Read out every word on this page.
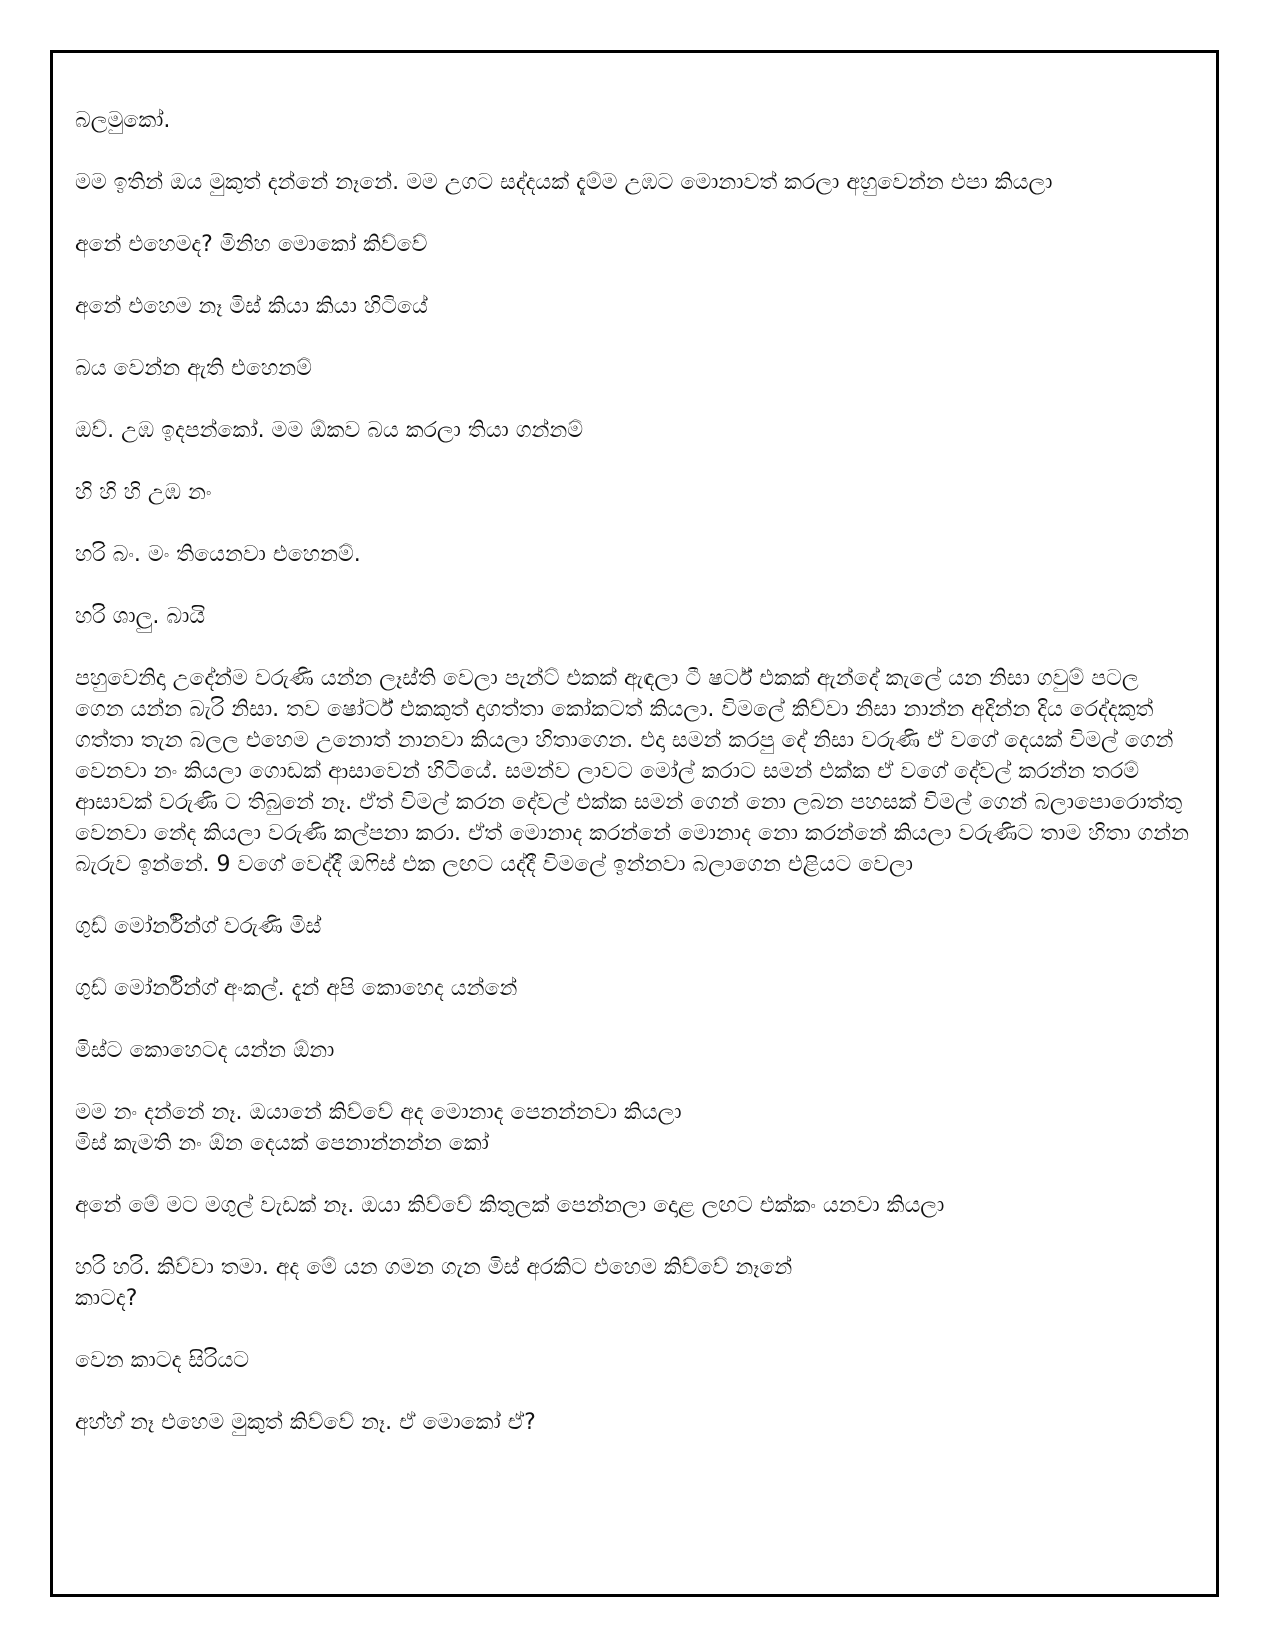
බලමුකෝ.

මම ඉතින් ඔය මුකුත් දන්නේ නෑනේ. මම උගට සද්දයක් දැම්ම උඹට මොනාවත් කරලා අහුවෙන්න එපා කියලා

අනේ එහෙමද? මිනිහ මොකෝ කිව්වේ

අනේ එහෙම නෑ මිස් කියා කියා හිටියේ

බය වෙන්න ඇති එහෙනම්

ඔව්. උඹ ඉදපන්කෝ. මම ඕකව බය කරලා තියා ගන්නම්

හි හි හි උඹ නං

හරි බං. මං තියෙනවා එහෙනම්.

හරි ශාලු. බායි

පහුවෙනිදා උදේන්ම වරුණි යන්න ලෑස්ති වෙලා පැන්ට් එකක් ඇඳලා ටී ෂර්ට් එකක් ඇන්දේ කැලේ යන නිසා ගවුම් පටල ගෙන යන්න බැරි නිසා. තව ෂෝර්ට් එකකුත් දාගත්තා කෝකටත් කියලා. විමලේ කිව්වා නිසා නාන්න අදින්න දිය රෙද්දකුත් ගත්තා තැන බලල එහෙම උනොත් නානවා කියලා හිතාගෙන. එදා සමන් කරපු දේ නිසා වරුණි ඒ වගේ දෙයක් විමල් ගෙන් වෙනවා නං කියලා ගොඩක් ආසාවෙන් හිටියේ. සමන්ව ලාවට මෝල් කරාට සමන් එක්ක ඒ වගේ දේවල් කරන්න තරම් ආසාවක් වරුණි ට තිබුනේ නෑ. ඒත් විමල් කරන දේවල් එක්ක සමන් ගෙන් නො ලබන පහසක් විමල් ගෙන් බලාපොරොත්තු වෙනවා නේද කියලා වරුණි කල්පනා කරා. ඒත් මොනාද කරන්නේ මොනාද නො කරන්නේ කියලා වරුණිට තාම හිතා ගන්න බැරුව ඉන්නේ. 9 වගේ වෙද්දී ඔෆිස් එක ලඟට යද්දී විමලේ ඉන්නවා බලාගෙන එළියට වෙලා

ගුඩ් මෝර්නින්ග් වරුණි මිස්

ගුඩ් මෝර්නින්ග් අංකල්. දැන් අපි කොහෙද යන්නේ

මිස්ට කොහෙටද යන්න ඕනා

මම නං දන්නේ නෑ. ඔයානේ කිව්වේ අද මොනාද පෙනන්නවා කියලා
මිස් කැමති නං ඕන දෙයක් පෙනාන්නන්න කෝ

අනේ මේ මට මගුල් වැඩක් නෑ. ඔයා කිව්වේ කිතුලක් පෙන්නලා දොළ ලඟට එක්කං යනවා කියලා

හරි හරි. කිව්වා තමා. අද මේ යන ගමන ගැන මිස් අරකිට එහෙම කිව්වේ නෑනේ
කාටද?

වෙන කාටද සිරියට

අහ්හ් නෑ එහෙම මුකුත් කිව්වේ නෑ. ඒ මොකෝ ඒ?
